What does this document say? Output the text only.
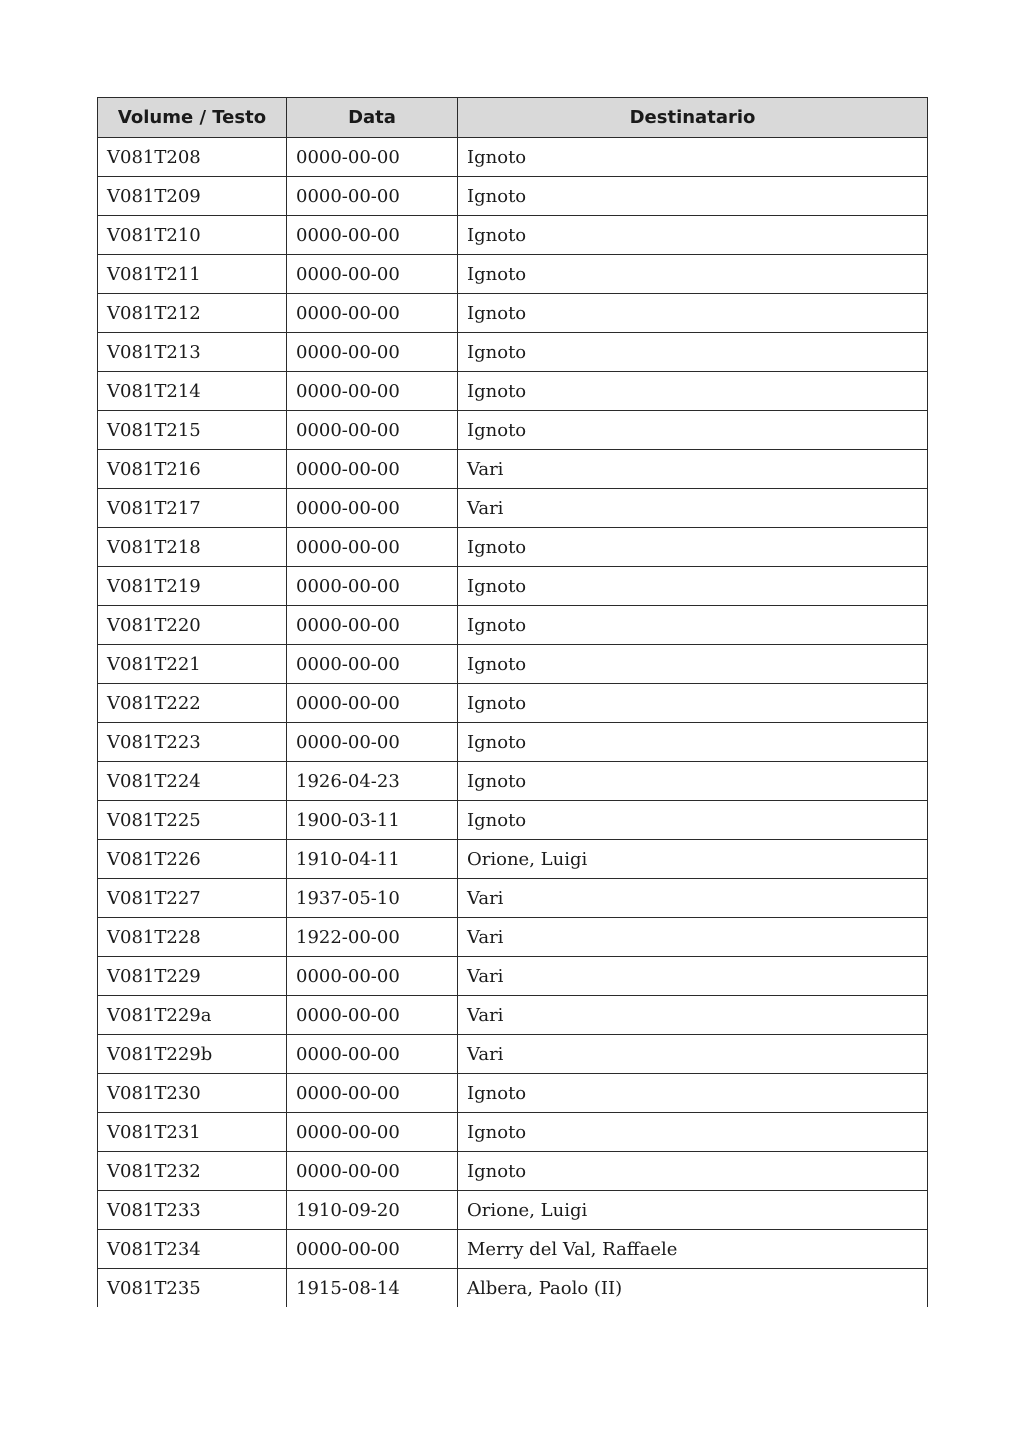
Volume / Testo	Data	Destinatario
V081T208	0000-00-00	Ignoto
V081T209	0000-00-00	Ignoto
V081T210	0000-00-00	Ignoto
V081T211	0000-00-00	Ignoto
V081T212	0000-00-00	Ignoto
V081T213	0000-00-00	Ignoto
V081T214	0000-00-00	Ignoto
V081T215	0000-00-00	Ignoto
V081T216	0000-00-00	Vari
V081T217	0000-00-00	Vari
V081T218	0000-00-00	Ignoto
V081T219	0000-00-00	Ignoto
V081T220	0000-00-00	Ignoto
V081T221	0000-00-00	Ignoto
V081T222	0000-00-00	Ignoto
V081T223	0000-00-00	Ignoto
V081T224	1926-04-23	Ignoto
V081T225	1900-03-11	Ignoto
V081T226	1910-04-11	Orione, Luigi
V081T227	1937-05-10	Vari
V081T228	1922-00-00	Vari
V081T229	0000-00-00	Vari
V081T229a	0000-00-00	Vari
V081T229b	0000-00-00	Vari
V081T230	0000-00-00	Ignoto
V081T231	0000-00-00	Ignoto
V081T232	0000-00-00	Ignoto
V081T233	1910-09-20	Orione, Luigi
V081T234	0000-00-00	Merry del Val, Raffaele
V081T235	1915-08-14	Albera, Paolo (II)
